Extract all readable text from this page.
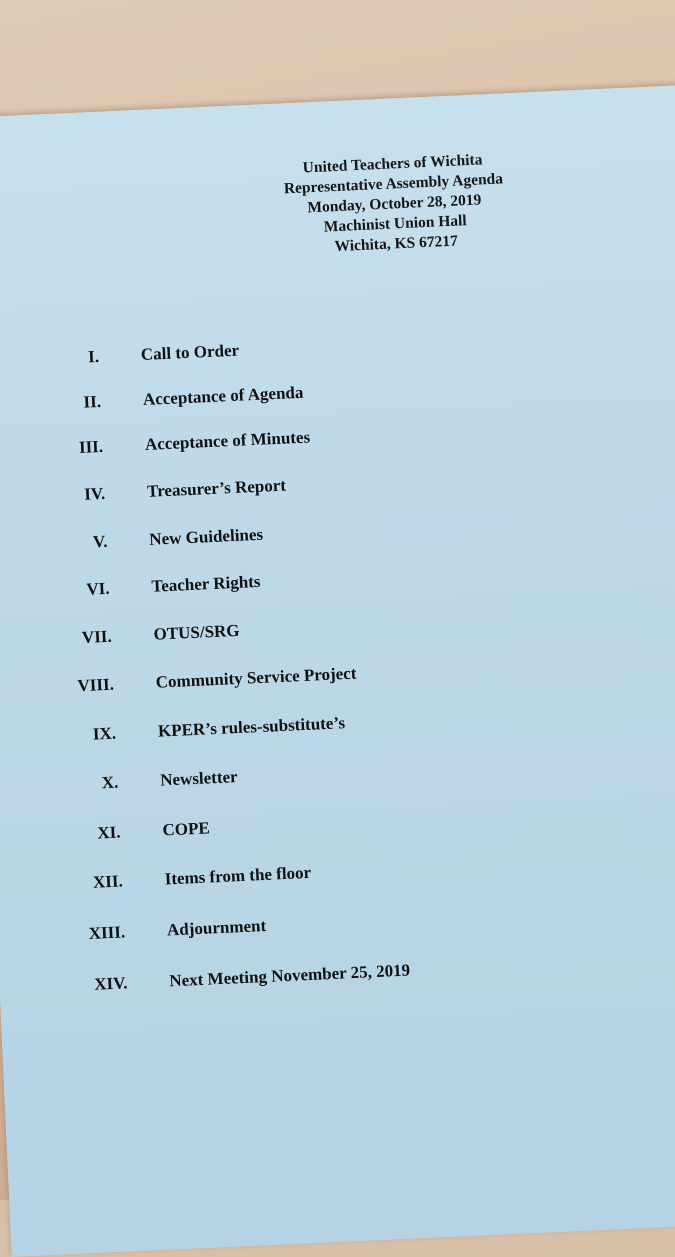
United Teachers of Wichita
Representative Assembly Agenda
Monday, October 28, 2019
Machinist Union Hall
Wichita, KS 67217
I. Call to Order
II. Acceptance of Agenda
III. Acceptance of Minutes
IV. Treasurer’s Report
V. New Guidelines
VI. Teacher Rights
VII. OTUS/SRG
VIII. Community Service Project
IX. KPER’s rules-substitute’s
X. Newsletter
XI. COPE
XII. Items from the floor
XIII. Adjournment
XIV. Next Meeting November 25, 2019
